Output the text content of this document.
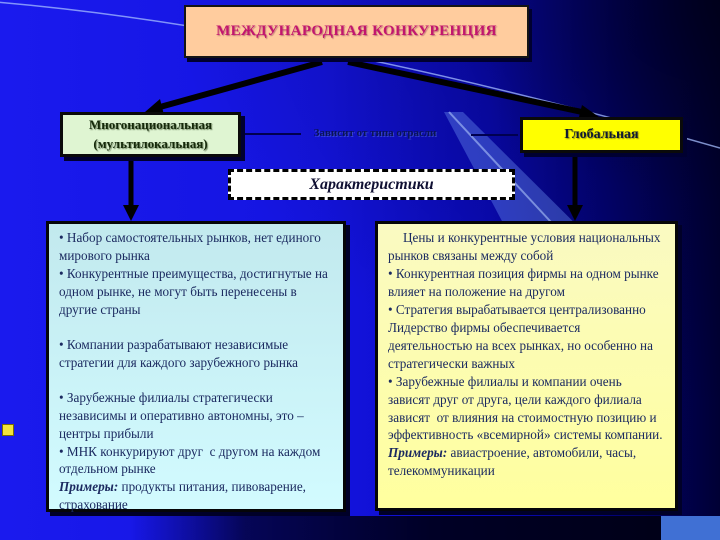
МЕЖДУНАРОДНАЯ КОНКУРЕНЦИЯ
Многонациональная
(мультилокальная)
Зависит от типа отрасли	Глобальная
Характеристики
• Набор самостоятельных рынков, нет единого мирового рынка
• Конкурентные преимущества, достигнутые на одном рынке, не могут быть перенесены в другие страны
• Компании разрабатывают независимые стратегии для каждого зарубежного рынка
• Зарубежные филиалы стратегически независимы и оперативно автономны, это – центры прибыли
• МНК конкурируют друг  с другом на каждом отдельном рынке
Примеры: продукты питания, пивоварение, страхование
Цены и конкурентные условия национальных рынков связаны между собой
• Конкурентная позиция фирмы на одном рынке влияет на положение на другом
• Стратегия вырабатывается централизованно
Лидерство фирмы обеспечивается деятельностью на всех рынках, но особенно на стратегически важных
• Зарубежные филиалы и компании очень зависят друг от друга, цели каждого филиала зависят  от влияния на стоимостную позицию и эффективность «всемирной» системы компании.
Примеры: авиастроение, автомобили, часы, телекоммуникации
